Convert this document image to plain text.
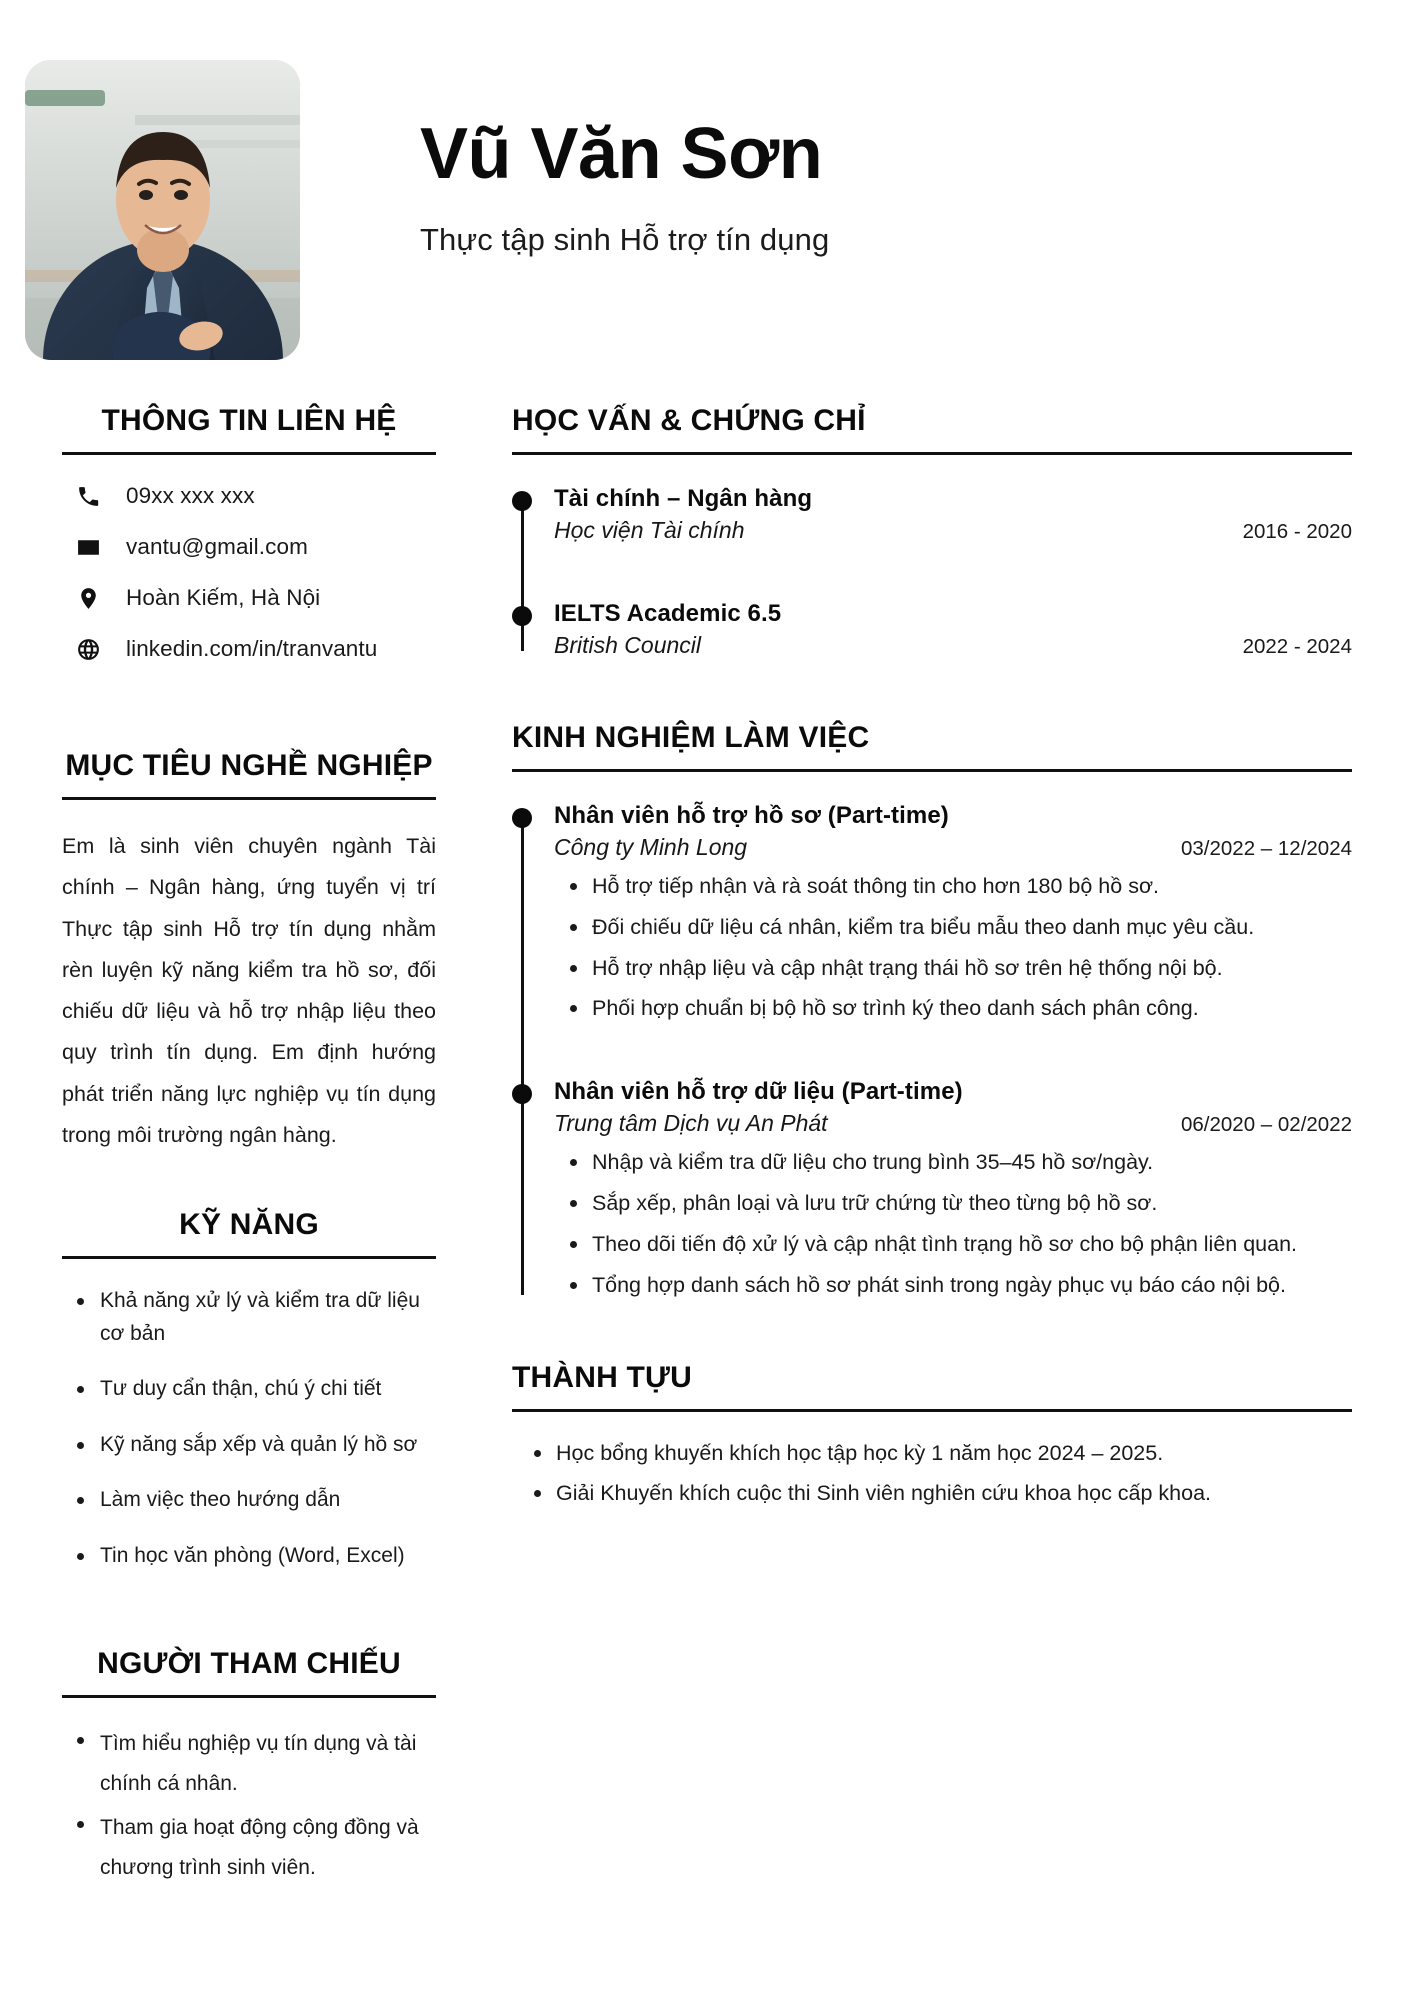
Vũ Văn Sơn
Thực tập sinh Hỗ trợ tín dụng
THÔNG TIN LIÊN HỆ
09xx xxx xxx
vantu@gmail.com
Hoàn Kiếm, Hà Nội
linkedin.com/in/tranvantu
MỤC TIÊU NGHỀ NGHIỆP

Em là sinh viên chuyên ngành Tài chính – Ngân hàng, ứng tuyển vị trí Thực tập sinh Hỗ trợ tín dụng nhằm rèn luyện kỹ năng kiểm tra hồ sơ, đối chiếu dữ liệu và hỗ trợ nhập liệu theo quy trình tín dụng. Em định hướng phát triển năng lực nghiệp vụ tín dụng trong môi trường ngân hàng.

KỸ NĂNG
Khả năng xử lý và kiểm tra dữ liệu cơ bản
Tư duy cẩn thận, chú ý chi tiết
Kỹ năng sắp xếp và quản lý hồ sơ
Làm việc theo hướng dẫn
Tin học văn phòng (Word, Excel)
NGƯỜI THAM CHIẾU
Tìm hiểu nghiệp vụ tín dụng và tài chính cá nhân.
Tham gia hoạt động cộng đồng và chương trình sinh viên.
HỌC VẤN & CHỨNG CHỈ
Tài chính – Ngân hàng
Học viện Tài chính	2016 - 2020
IELTS Academic 6.5
British Council	2022 - 2024
KINH NGHIỆM LÀM VIỆC
Nhân viên hỗ trợ hồ sơ (Part-time)
Công ty Minh Long	03/2022 – 12/2024
Hỗ trợ tiếp nhận và rà soát thông tin cho hơn 180 bộ hồ sơ.
Đối chiếu dữ liệu cá nhân, kiểm tra biểu mẫu theo danh mục yêu cầu.
Hỗ trợ nhập liệu và cập nhật trạng thái hồ sơ trên hệ thống nội bộ.
Phối hợp chuẩn bị bộ hồ sơ trình ký theo danh sách phân công.
Nhân viên hỗ trợ dữ liệu (Part-time)
Trung tâm Dịch vụ An Phát	06/2020 – 02/2022
Nhập và kiểm tra dữ liệu cho trung bình 35–45 hồ sơ/ngày.
Sắp xếp, phân loại và lưu trữ chứng từ theo từng bộ hồ sơ.
Theo dõi tiến độ xử lý và cập nhật tình trạng hồ sơ cho bộ phận liên quan.
Tổng hợp danh sách hồ sơ phát sinh trong ngày phục vụ báo cáo nội bộ.
THÀNH TỰU
Học bổng khuyến khích học tập học kỳ 1 năm học 2024 – 2025.
Giải Khuyến khích cuộc thi Sinh viên nghiên cứu khoa học cấp khoa.
